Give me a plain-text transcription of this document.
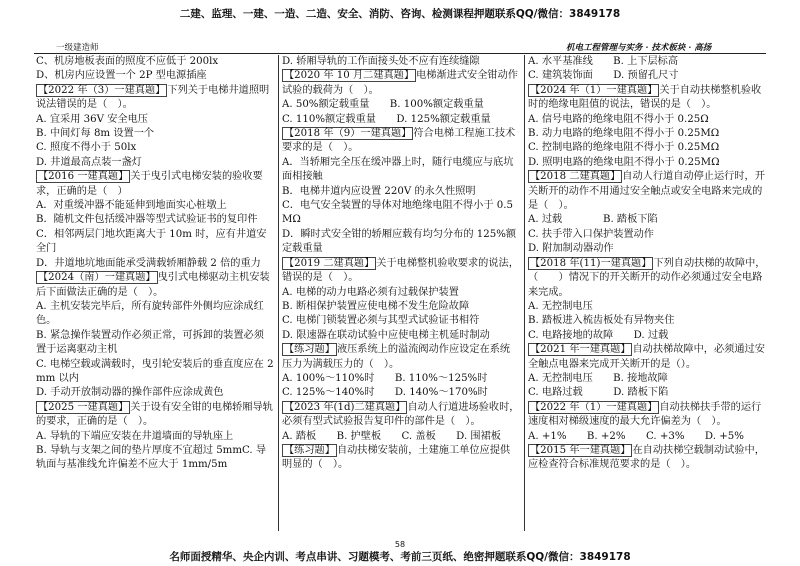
二建、监理、一建、一造、二造、安全、消防、咨询、检测课程押题联系QQ/微信：3849178
一级建造师	机电工程管理与实务 · 技术板块 · 高扬

C、机房地板表面的照度不应低于 200lx

D、机房内应设置一个 2P 型电源插座

【2022 年（3）一建真题】 下列关于电梯井道照明说法错误的是（　）。

A. 宜采用 36V 安全电压

B. 中间灯每 8m 设置一个

C. 照度不得小于 50lx

D. 井道最高点装一盏灯

【2016 一建真题】 关于曳引式电梯安装的验收要求，正确的是（　）

A．对重缓冲器不能延伸到地面实心桩墩上

B．随机文件包括缓冲器等型式试验证书的复印件

C．相邻两层门地坎距离大于 10m 时，应有井道安全门

D．井道地坑地面能承受满载轿厢静载 2 倍的重力

【2024（南）一建真题】 曳引式电梯驱动主机安装后下面做法正确的是（　）。

A. 主机安装完毕后，所有旋转部件外侧均应涂成红色。

B. 紧急操作装置动作必须正常，可拆卸的装置必须置于运离驱动主机

C. 电梯空载或满载时，曳引轮安装后的垂直度应在 2mm 以内

D. 手动开放制动器的操作部件应涂成黄色

【2025 一建真题】 关于设有安全钳的电梯轿厢导轨的要求，正确的是（　）。

A. 导轨的下端应安装在井道墙面的导轨座上

B. 导轨与支架之间的垫片厚度不宜超过 5mmC. 导轨面与基准线允许偏差不应大于 1mm/5m

D. 轿厢导轨的工作面接头处不应有连续缝隙

【2020 年 10 月二建真题】 电梯渐进式安全钳动作试验的载荷为（　）。

A. 50%额定载重量　　B. 100%额定载重量

C. 110%额定载重量　　D. 125%额定载重量

【2018 年（9）一建真题】 符合电梯工程施工技术要求的是（　）。

A．当轿厢完全压在缓冲器上时，随行电缆应与底坑面相接触

B．电梯井道内应设置 220V 的永久性照明

C．电气安全装置的导体对地绝缘电阻不得小于 0.5MΩ

D．瞬时式安全钳的轿厢应载有均匀分布的 125%额定载重量

【2019 二建真题】 关于电梯整机验收要求的说法，错误的是（　）。

A. 电梯的动力电路必须有过载保护装置

B. 断相保护装置应使电梯不发生危险故障

C. 电梯门锁装置必须与其型式试验证书相符

D. 限速器在联动试验中应使电梯主机延时制动

【练习题】 液压系统上的溢流阀动作应设定在系统压力为满载压力的（　）。

A. 100%～110%时　　B. 110%～125%时

C. 125%～140%时　　D. 140%～170%时

【2023 年(1d)二建真题】 自动人行道进场验收时，必须有型式试验报告复印件的部件是（　）。

A. 踏板　　B. 护壁板　　C. 盖板　　D. 围裙板

【练习题】 自动扶梯安装前，土建施工单位应提供明显的（　）。

A. 水平基准线　　B. 上下层标高

C. 建筑装饰面　　D. 预留孔尺寸

【2024 年（1）一建真题】 关于自动扶梯整机验收时的绝缘电阻值的说法，错误的是（　）。

A. 信号电路的绝缘电阻不得小于 0.25Ω

B. 动力电路的绝缘电阻不得小于 0.25MΩ

C. 控制电路的绝缘电阻不得小于 0.25MΩ

D. 照明电路的绝缘电阻不得小于 0.25MΩ

【2018 二建真题】 自动人行道自动停止运行时，开关断开的动作不用通过安全触点或安全电路来完成的是（　）。

A. 过载　　　　B. 踏板下陷

C. 扶手带入口保护装置动作

D. 附加制动器动作

【2018 年(11)一建真题】 下列自动扶梯的故障中，（　　）情况下的开关断开的动作必须通过安全电路来完成。

A. 无控制电压

B. 踏板进入梳齿板处有异物夹住

C. 电路接地的故障　　D. 过载

【2021 年一建真题】 自动扶梯故障中，必须通过安全触点电器来完成开关断开的是（）。

A. 无控制电压　　B. 接地故障

C. 电路过载　　　D. 踏板下陷

【2022 年（1）一建真题】 自动扶梯扶手带的运行速度相对梯级速度的最大允许偏差为（　）。

A. +1%　　B. +2%　　C. +3%　　D. +5%

【2015 年一建真题】 在自动扶梯空载制动试验中，应检查符合标准规范要求的是（　）。

58
名师面授精华、央企内训、考点串讲、习题模考、考前三页纸、绝密押题联系QQ/微信：3849178
